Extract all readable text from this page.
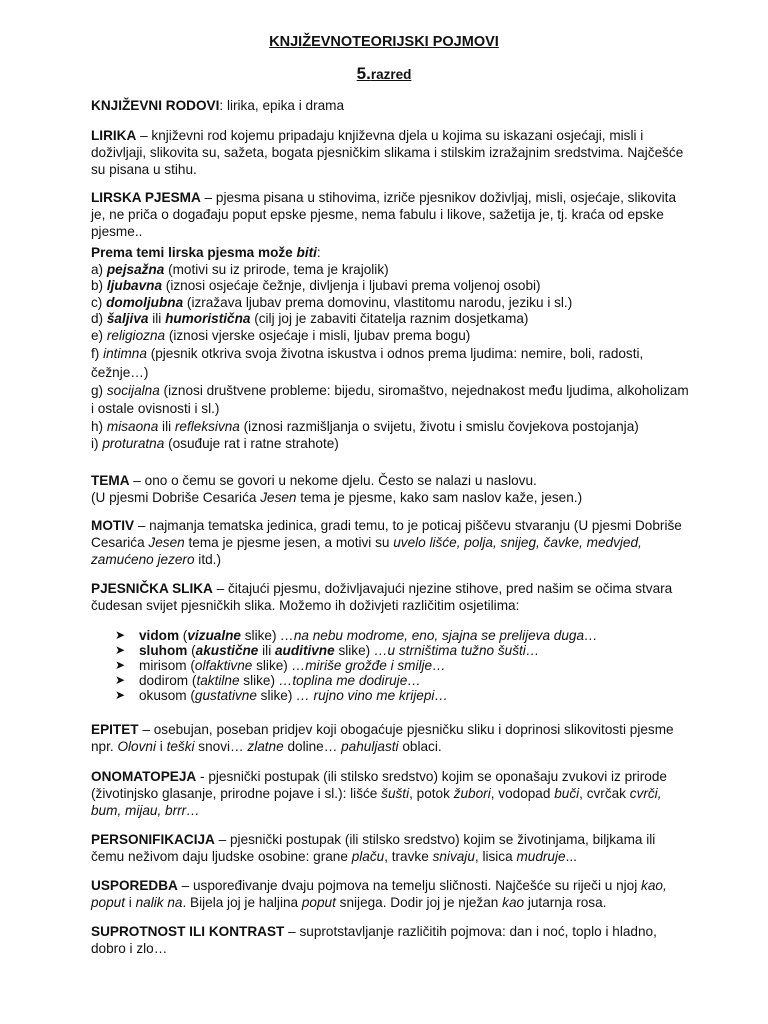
KNJIŽEVNOTEORIJSKI POJMOVI

5.razred

KNJIŽEVNI RODOVI: lirika, epika i drama

LIRIKA – književni rod kojemu pripadaju književna djela u kojima su iskazani osjećaji, misli i doživljaji, slikovita su, sažeta, bogata pjesničkim slikama i stilskim izražajnim sredstvima. Najčešće su pisana u stihu.

LIRSKA PJESMA – pjesma pisana u stihovima, izriče pjesnikov doživljaj, misli, osjećaje, slikovita je, ne priča o događaju poput epske pjesme, nema fabulu i likove, sažetija je, tj. kraća od epske pjesme..

Prema temi lirska pjesma može biti:
a) pejsažna (motivi su iz prirode, tema je krajolik)
b) ljubavna (iznosi osjećaje čežnje, divljenja i ljubavi prema voljenoj osobi)
c) domoljubna (izražava ljubav prema domovinu, vlastitomu narodu, jeziku i sl.)
d) šaljiva ili humoristična (cilj joj je zabaviti čitatelja raznim dosjetkama)
e) religiozna (iznosi vjerske osjećaje i misli, ljubav prema bogu)
f) intimna (pjesnik otkriva svoja životna iskustva i odnos prema ljudima: nemire, boli, radosti, čežnje…)
g) socijalna (iznosi društvene probleme: bijedu, siromaštvo, nejednakost među ljudima, alkoholizam i ostale ovisnosti i sl.)
h) misaona ili refleksivna (iznosi razmišljanja o svijetu, životu i smislu čovjekova postojanja)
i) proturatna (osuđuje rat i ratne strahote)

TEMA – ono o čemu se govori u nekome djelu. Često se nalazi u naslovu.
(U pjesmi Dobriše Cesarića Jesen tema je pjesme, kako sam naslov kaže, jesen.)

MOTIV – najmanja tematska jedinica, gradi temu, to je poticaj piščevu stvaranju (U pjesmi Dobriše Cesarića Jesen tema je pjesme jesen, a motivi su uvelo lišće, polja, snijeg, čavke, medvjed, zamućeno jezero itd.)

PJESNIČKA SLIKA – čitajući pjesmu, doživljavajući njezine stihove, pred našim se očima stvara čudesan svijet pjesničkih slika. Možemo ih doživjeti različitim osjetilima:

➤ vidom (vizualne slike) …na nebu modrome, eno, sjajna se prelijeva duga…
➤ sluhom (akustične ili auditivne slike) …u strništima tužno šušti…
➤ mirisom (olfaktivne slike) …miriše grožđe i smilje…
➤ dodirom (taktilne slike) …toplina me dodiruje…
➤ okusom (gustativne slike) … rujno vino me krijepi…

EPITET – osebujan, poseban pridjev koji obogaćuje pjesničku sliku i doprinosi slikovitosti pjesme npr. Olovni i teški snovi… zlatne doline… pahuljasti oblaci.

ONOMATOPEJA - pjesnički postupak (ili stilsko sredstvo) kojim se oponašaju zvukovi iz prirode (životinjsko glasanje, prirodne pojave i sl.): lišće šušti, potok žubori, vodopad buči, cvrčak cvrči, bum, mijau, brrr…

PERSONIFIKACIJA – pjesnički postupak (ili stilsko sredstvo) kojim se životinjama, biljkama ili čemu neživom daju ljudske osobine: grane plaču, travke snivaju, lisica mudruje...

USPOREDBA – uspoređivanje dvaju pojmova na temelju sličnosti. Najčešće su riječi u njoj kao, poput i nalik na. Bijela joj je haljina poput snijega. Dodir joj je nježan kao jutarnja rosa.

SUPROTNOST ILI KONTRAST – suprotstavljanje različitih pojmova: dan i noć, toplo i hladno, dobro i zlo…
